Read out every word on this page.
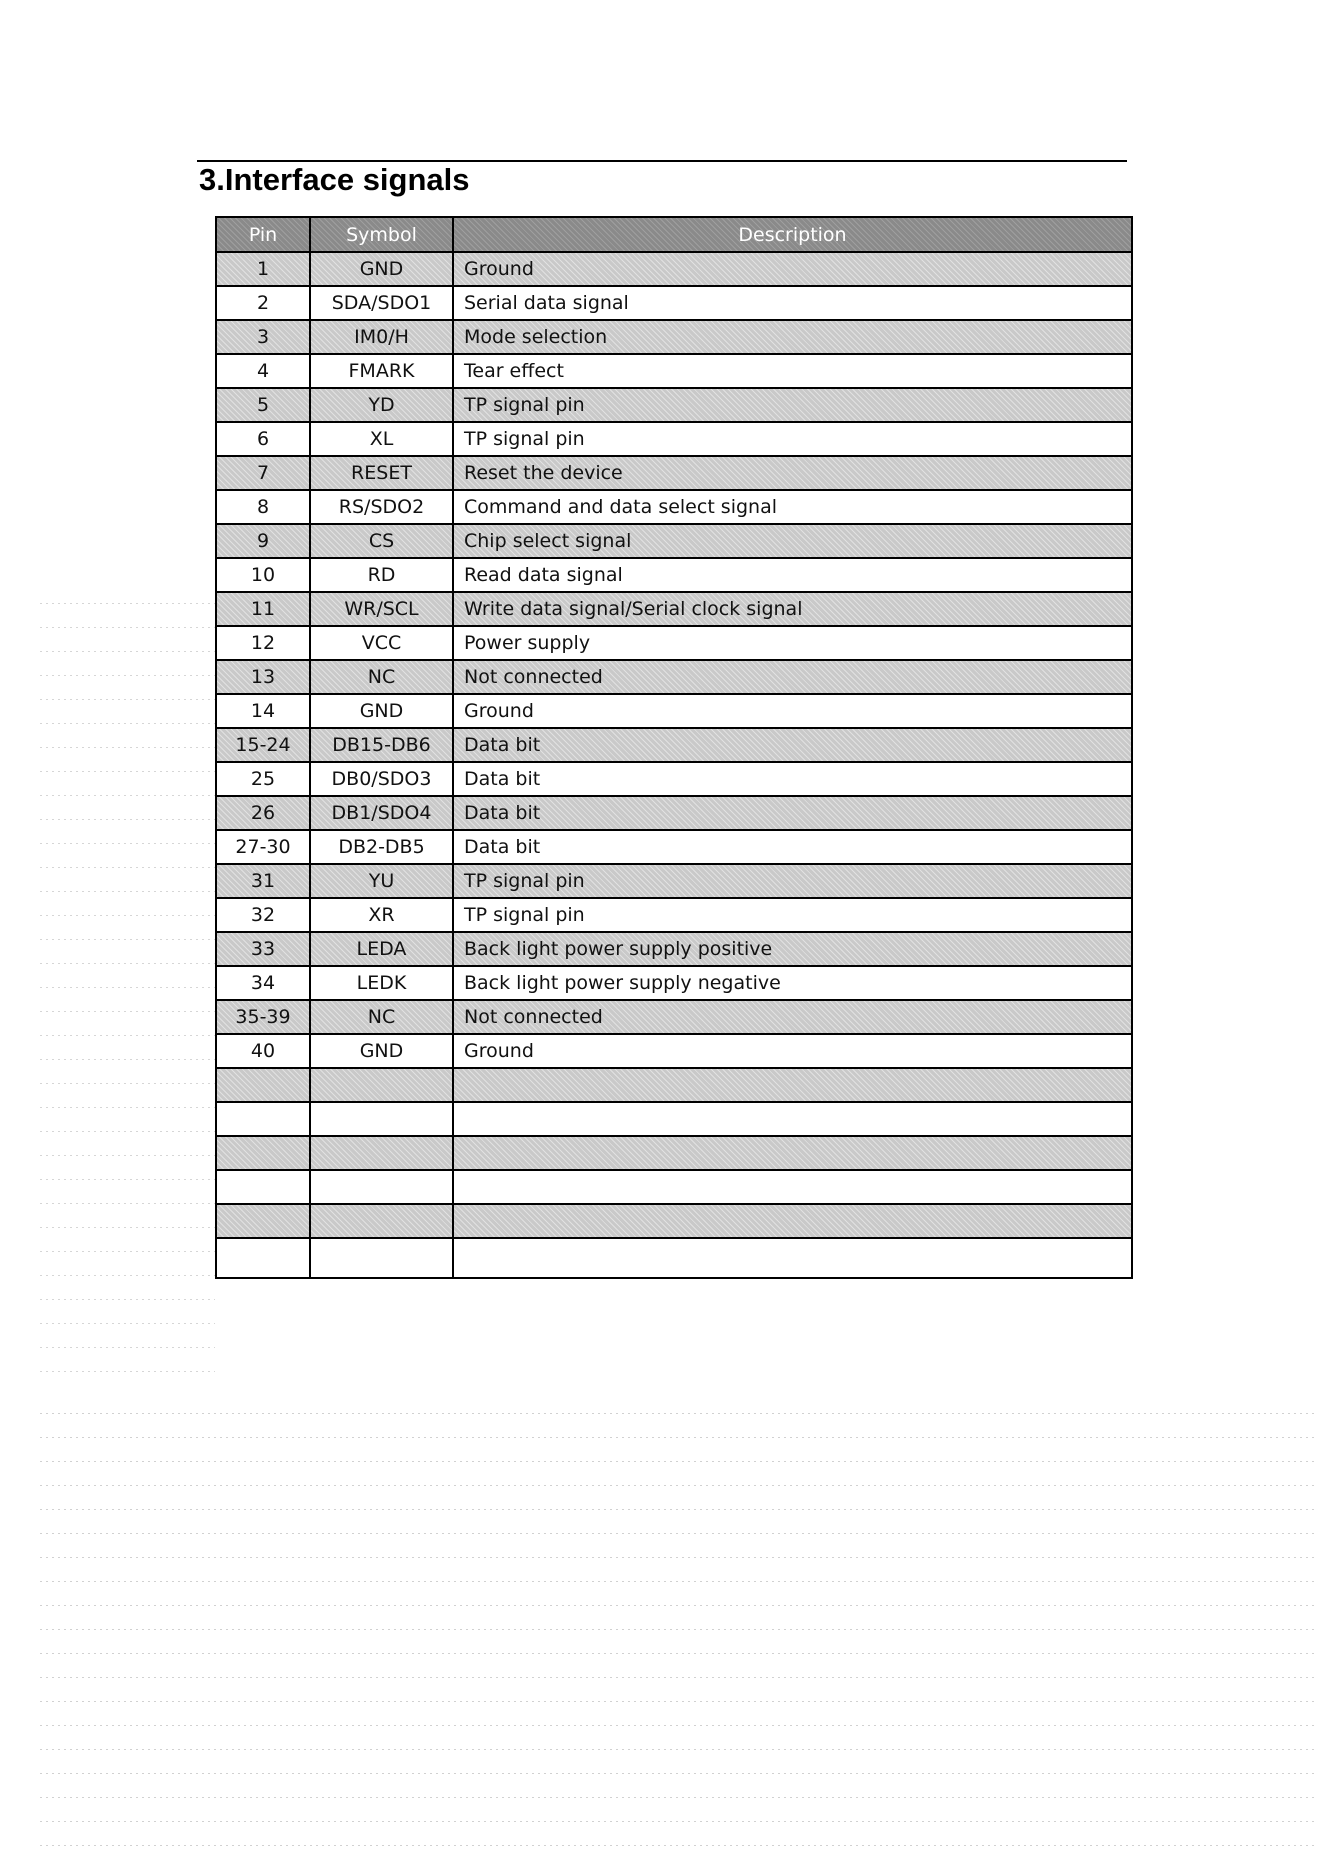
3.Interface signals
Pin	Symbol	Description
1	GND	Ground
2	SDA/SDO1	Serial data signal
3	IM0/H	Mode selection
4	FMARK	Tear effect
5	YD	TP signal pin
6	XL	TP signal pin
7	RESET	Reset the device
8	RS/SDO2	Command and data select signal
9	CS	Chip select signal
10	RD	Read data signal
11	WR/SCL	Write data signal/Serial clock signal
12	VCC	Power supply
13	NC	Not connected
14	GND	Ground
15-24	DB15-DB6	Data bit
25	DB0/SDO3	Data bit
26	DB1/SDO4	Data bit
27-30	DB2-DB5	Data bit
31	YU	TP signal pin
32	XR	TP signal pin
33	LEDA	Back light power supply positive
34	LEDK	Back light power supply negative
35-39	NC	Not connected
40	GND	Ground
